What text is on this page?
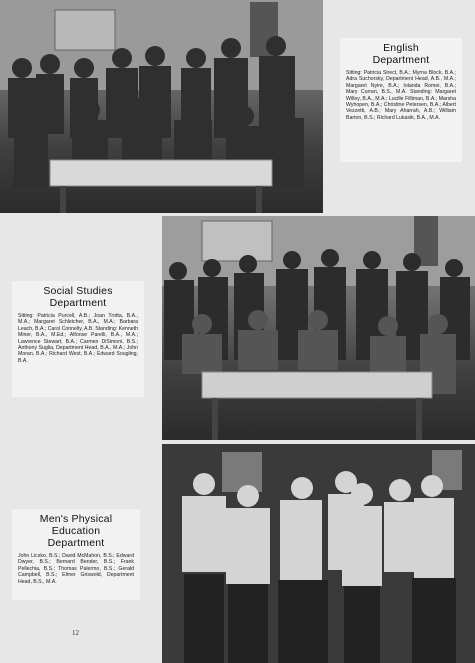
English
Department
Sitting: Patricia Sirect, B.A.; Myrna Block, B.A.; Adra Suchorsky, Department Head, A.B., M.A.; Margaret Nyire, B.A.; Iolanda Romei, B.A.; Mary Curran, B.S., M.A. Standing: Margaret Willey, B.A., M.A.; Lucille Filliman, B.A.; Marsha Wyhopen, B.A.; Christine Petersen, B.A.; Albert Vezzetti, A.B.; Mary Aharrah, A.B.; William Barton, B.S.; Richard Lukasik, B.A., M.A.
Social Studies
Department
Sitting: Patricia Purcell, A.B.; Joan Trotta, B.A., M.A.; Margaret Schleicher, B.A., M.A.; Barbara Leach, B.A.; Carol Connelly, A.B. Standing: Kenneth Miner, B.A., M.Ed.; Alfonse Parelli, B.A., M.A.; Lawrence Stewart, B.A.; Carmen DiSimoni, B.S.; Anthony Suglia, Department Head, B.A., M.A.; John Moran, B.A.; Richard West, B.A.; Edward Sougling, B.A.
Men's Physical
Education
Department
John Licsko, B.S.; David McMahon, B.S.; Edward Dwyer, B.S.; Bernard Bender, B.S.; Frank Pellechia, B.S.; Thomas Palermo, B.S.; Gerald Campbell, B.S.; Elmer Griswold, Department Head, B.S., M.A.
12
